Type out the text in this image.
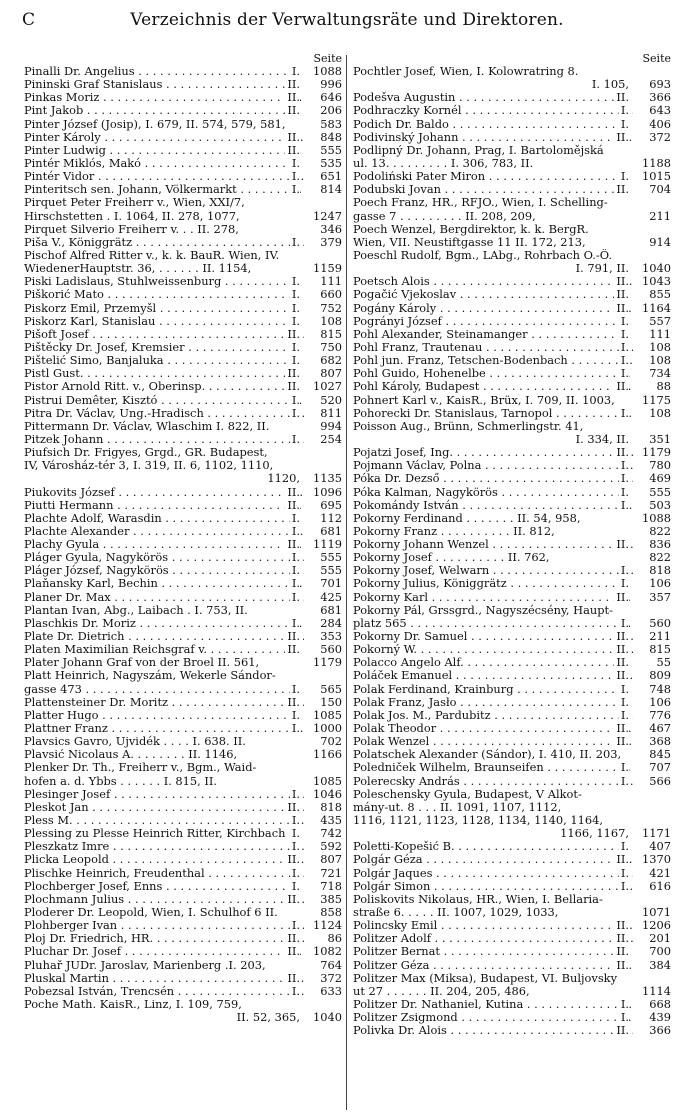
C	Verzeichnis der Verwaltungsräte und Direktoren.
Seite
Pinalli Dr. Angelius . . .	I.	1088
Pininski Graf Stanislaus . . .	II.	996
Pinkas Moriz . . .	II.	646
Pint Jakob . . .	II.	206
Pinter József (Josip), I. 679, II. 574, 579, 581,	583
Pinter Károly . . .	II.	848
Pinter Ludwig . . .	II.	555
Pintér Miklós, Makó . . .	I.	535
Pintér Vidor . . .	I.	651
Pinteritsch sen. Johann, Völkermarkt . . .	I.	814
Pirquet Peter Freiherr v., Wien, XXI/7,
Hirschstetten . I. 1064, II. 278, 1077,	1247
Pirquet Silverio Freiherr v. . . II. 278,	346
Piša V., Königgrätz . . .	I.	379
Pischof Alfred Ritter v., k. k. BauR. Wien, IV.
WiedenerHauptstr. 36, . . . . . . II. 1154,	1159
Piski Ladislaus, Stuhlweissenburg . . .	I.	111
Piškorić Mato . . .	I.	660
Piskorz Emil, Przemyšl . . .	I.	752
Piskorz Karl, Stanislau . . .	I.	108
Pišoft Josef . . .	II.	815
Pištěcky Dr. Josef, Kremsier . . .	I.	750
Pištelić Simo, Banjaluka . . .	I.	682
Pistl Gust. . . .	II.	807
Pistor Arnold Ritt. v., Oberinsp. . . .	II.	1027
Pistrui Demêter, Kisztó . . .	I.	520
Pitra Dr. Václav, Ung.-Hradisch . . .	I.	811
Pittermann Dr. Václav, Wlaschim I. 822, II.	994
Pitzek Johann . . .	I.	254
Piufsich Dr. Frigyes, Grgd., GR. Budapest,
IV, Városház-tér 3, I. 319, II. 6, 1102, 1110,
1120,	1135
Piukovits József . . .	II.	1096
Piutti Hermann . . .	II.	695
Plachte Adolf, Warasdin . . .	I.	112
Plachte Alexander . . .	I.	681
Plachy Gyula . . .	II.	1119
Pláger Gyula, Nagykörös . . .	I.	555
Pláger József, Nagykörös . . .	I.	555
Plaňansky Karl, Bechin . . .	I.	701
Planer Dr. Max . . .	I.	425
Plantan Ivan, Abg., Laibach . I. 753, II.	681
Plaschkis Dr. Moriz . . .	I.	284
Plate Dr. Dietrich . . .	II.	353
Platen Maximilian Reichsgraf v. . . .	II.	560
Plater Johann Graf von der Broel II. 561,	1179
Platt Heinrich, Nagyszám, Wekerle Sándor-
gasse 473 . . .	I.	565
Plattensteiner Dr. Moritz . . .	II.	150
Platter Hugo . . .	I.	1085
Plattner Franz . . .	I.	1000
Plavsics Gavro, Ujvidék . . . . I. 638. II.	702
Plavsić Nicolaus A. . . . . . . . II. 1146,	1166
Plenker Dr. Th., Freiherr v., Bgm., Waid-
hofen a. d. Ybbs . . . . . . I. 815, II.	1085
Plesinger Josef . . .	I.	1046
Pleskot Jan . . .	II.	818
Pless M. . . .	I.	435
Plessing zu Plesse Heinrich Ritter, Kirchbach . . . I.	742
Pleszkatz Imre . . .	I.	592
Plicka Leopold . . .	II.	807
Plischke Heinrich, Freudenthal . . .	I.	721
Plochberger Josef, Enns . . .	I.	718
Plochmann Julius . . .	II.	385
Ploderer Dr. Leopold, Wien, I. Schulhof 6 II.	858
Plohberger Ivan . . .	I.	1124
Ploj Dr. Friedrich, HR. . . .	II.	86
Pluchar Dr. Josef . . .	II.	1082
Pluhař JUDr. Jaroslav, Marienberg .I. 203,	764
Pluskal Martin . . .	II.	372
Pobezsal István, Trencsén . . .	I.	633
Poche Math. KaisR., Linz, I. 109, 759,
II. 52, 365,	1040
Seite
Pochtler Josef, Wien, I. Kolowratring 8.
I. 105,	693
Podešva Augustin . . .	II.	366
Podhraczky Kornél . . .	I.	643
Podich Dr. Baldo . . .	I.	406
Podivinský Johann . . .	II.	372
Podlipný Dr. Johann, Prag, I. Bartolomějská
ul. 13. . . . . . . . . I. 306, 783, II.	1188
Podoliński Pater Miron . . .	I.	1015
Podubski Jovan . . .	II.	704
Poech Franz, HR., RFJO., Wien, I. Schelling-
gasse 7 . . . . . . . . . II. 208, 209,	211
Poech Wenzel, Bergdirektor, k. k. BergR.
Wien, VII. Neustiftgasse 11 II. 172, 213,	914
Poeschl Rudolf, Bgm., LAbg., Rohrbach O.-Ö.
I. 791, II.	1040
Poetsch Alois . . .	II.	1043
Pogačić Vjekoslav . . .	II.	855
Pogány Károly . . .	II.	1164
Pogrányi József . . .	I.	557
Pohl Alexander, Steinamanger . . .	I.	111
Pohl Franz, Trautenau . . .	I.	108
Pohl jun. Franz, Tetschen-Bodenbach . . .	I.	108
Pohl Guido, Hohenelbe . . .	I.	734
Pohl Károly, Budapest . . .	II.	88
Pohnert Karl v., KaisR., Brüx, I. 709, II. 1003,	1175
Pohorecki Dr. Stanislaus, Tarnopol . . .	I.	108
Poisson Aug., Brünn, Schmerlingstr. 41,
I. 334, II.	351
Pojatzi Josef, Ing. . . .	II.	1179
Pojmann Václav, Polna . . .	I.	780
Póka Dr. Dezső . . .	I.	469
Póka Kalman, Nagykörös . . .	I.	555
Pokomándy István . . .	I.	503
Pokorny Ferdinand . . . . . . . II. 54, 958,	1088
Pokorny Franz . . . . . . . . . . II. 812,	822
Pokorny Johann Wenzel . . .	II.	836
Pokorny Josef . . . . . . . . . . II. 762,	822
Pokorny Josef, Welwarn . . .	I.	818
Pokorny Julius, Königgrätz . . .	I.	106
Pokorny Karl . . .	II.	357
Pokorny Pál, Grssgrd., Nagyszécsény, Haupt-
platz 565 . . .	I.	560
Pokorny Dr. Samuel . . .	II.	211
Pokorný W. . . .	II.	815
Polacco Angelo Alf. . . .	II.	55
Poláček Emanuel . . .	II.	809
Polak Ferdinand, Krainburg . . .	I.	748
Polak Franz, Jasło . . .	I.	106
Polak Jos. M., Pardubitz . . .	I.	776
Polak Theodor . . .	II.	467
Polak Wenzel . . .	II.	368
Polatschek Alexander (Sándor), I. 410, II. 203,	845
Poledniček Wilhelm, Braunseifen . . .	I.	707
Polerecsky András . . .	I.	566
Poleschensky Gyula, Budapest, V Alkot-
mány-ut. 8 . . . II. 1091, 1107, 1112,
1116, 1121, 1123, 1128, 1134, 1140, 1164,
1166, 1167,	1171
Poletti-Kopešić B. . . .	I.	407
Polgár Géza . . .	II.	1370
Polgár Jaques . . .	I.	421
Polgár Simon . . .	I.	616
Poliskovits Nikolaus, HR., Wien, I. Bellaria-
straße 6. . . . . II. 1007, 1029, 1033,	1071
Polincsky Emil . . .	II.	1206
Politzer Adolf . . .	II.	201
Politzer Bernat . . .	II.	700
Politzer Géza . . .	II.	384
Politzer Max (Miksa), Budapest, VI. Buljovsky
ut 27 . . . . . . II. 204, 205, 486,	1114
Politzer Dr. Nathaniel, Kutina . . .	I.	668
Politzer Zsigmond . . .	I.	439
Polivka Dr. Alois . . .	II.	366
